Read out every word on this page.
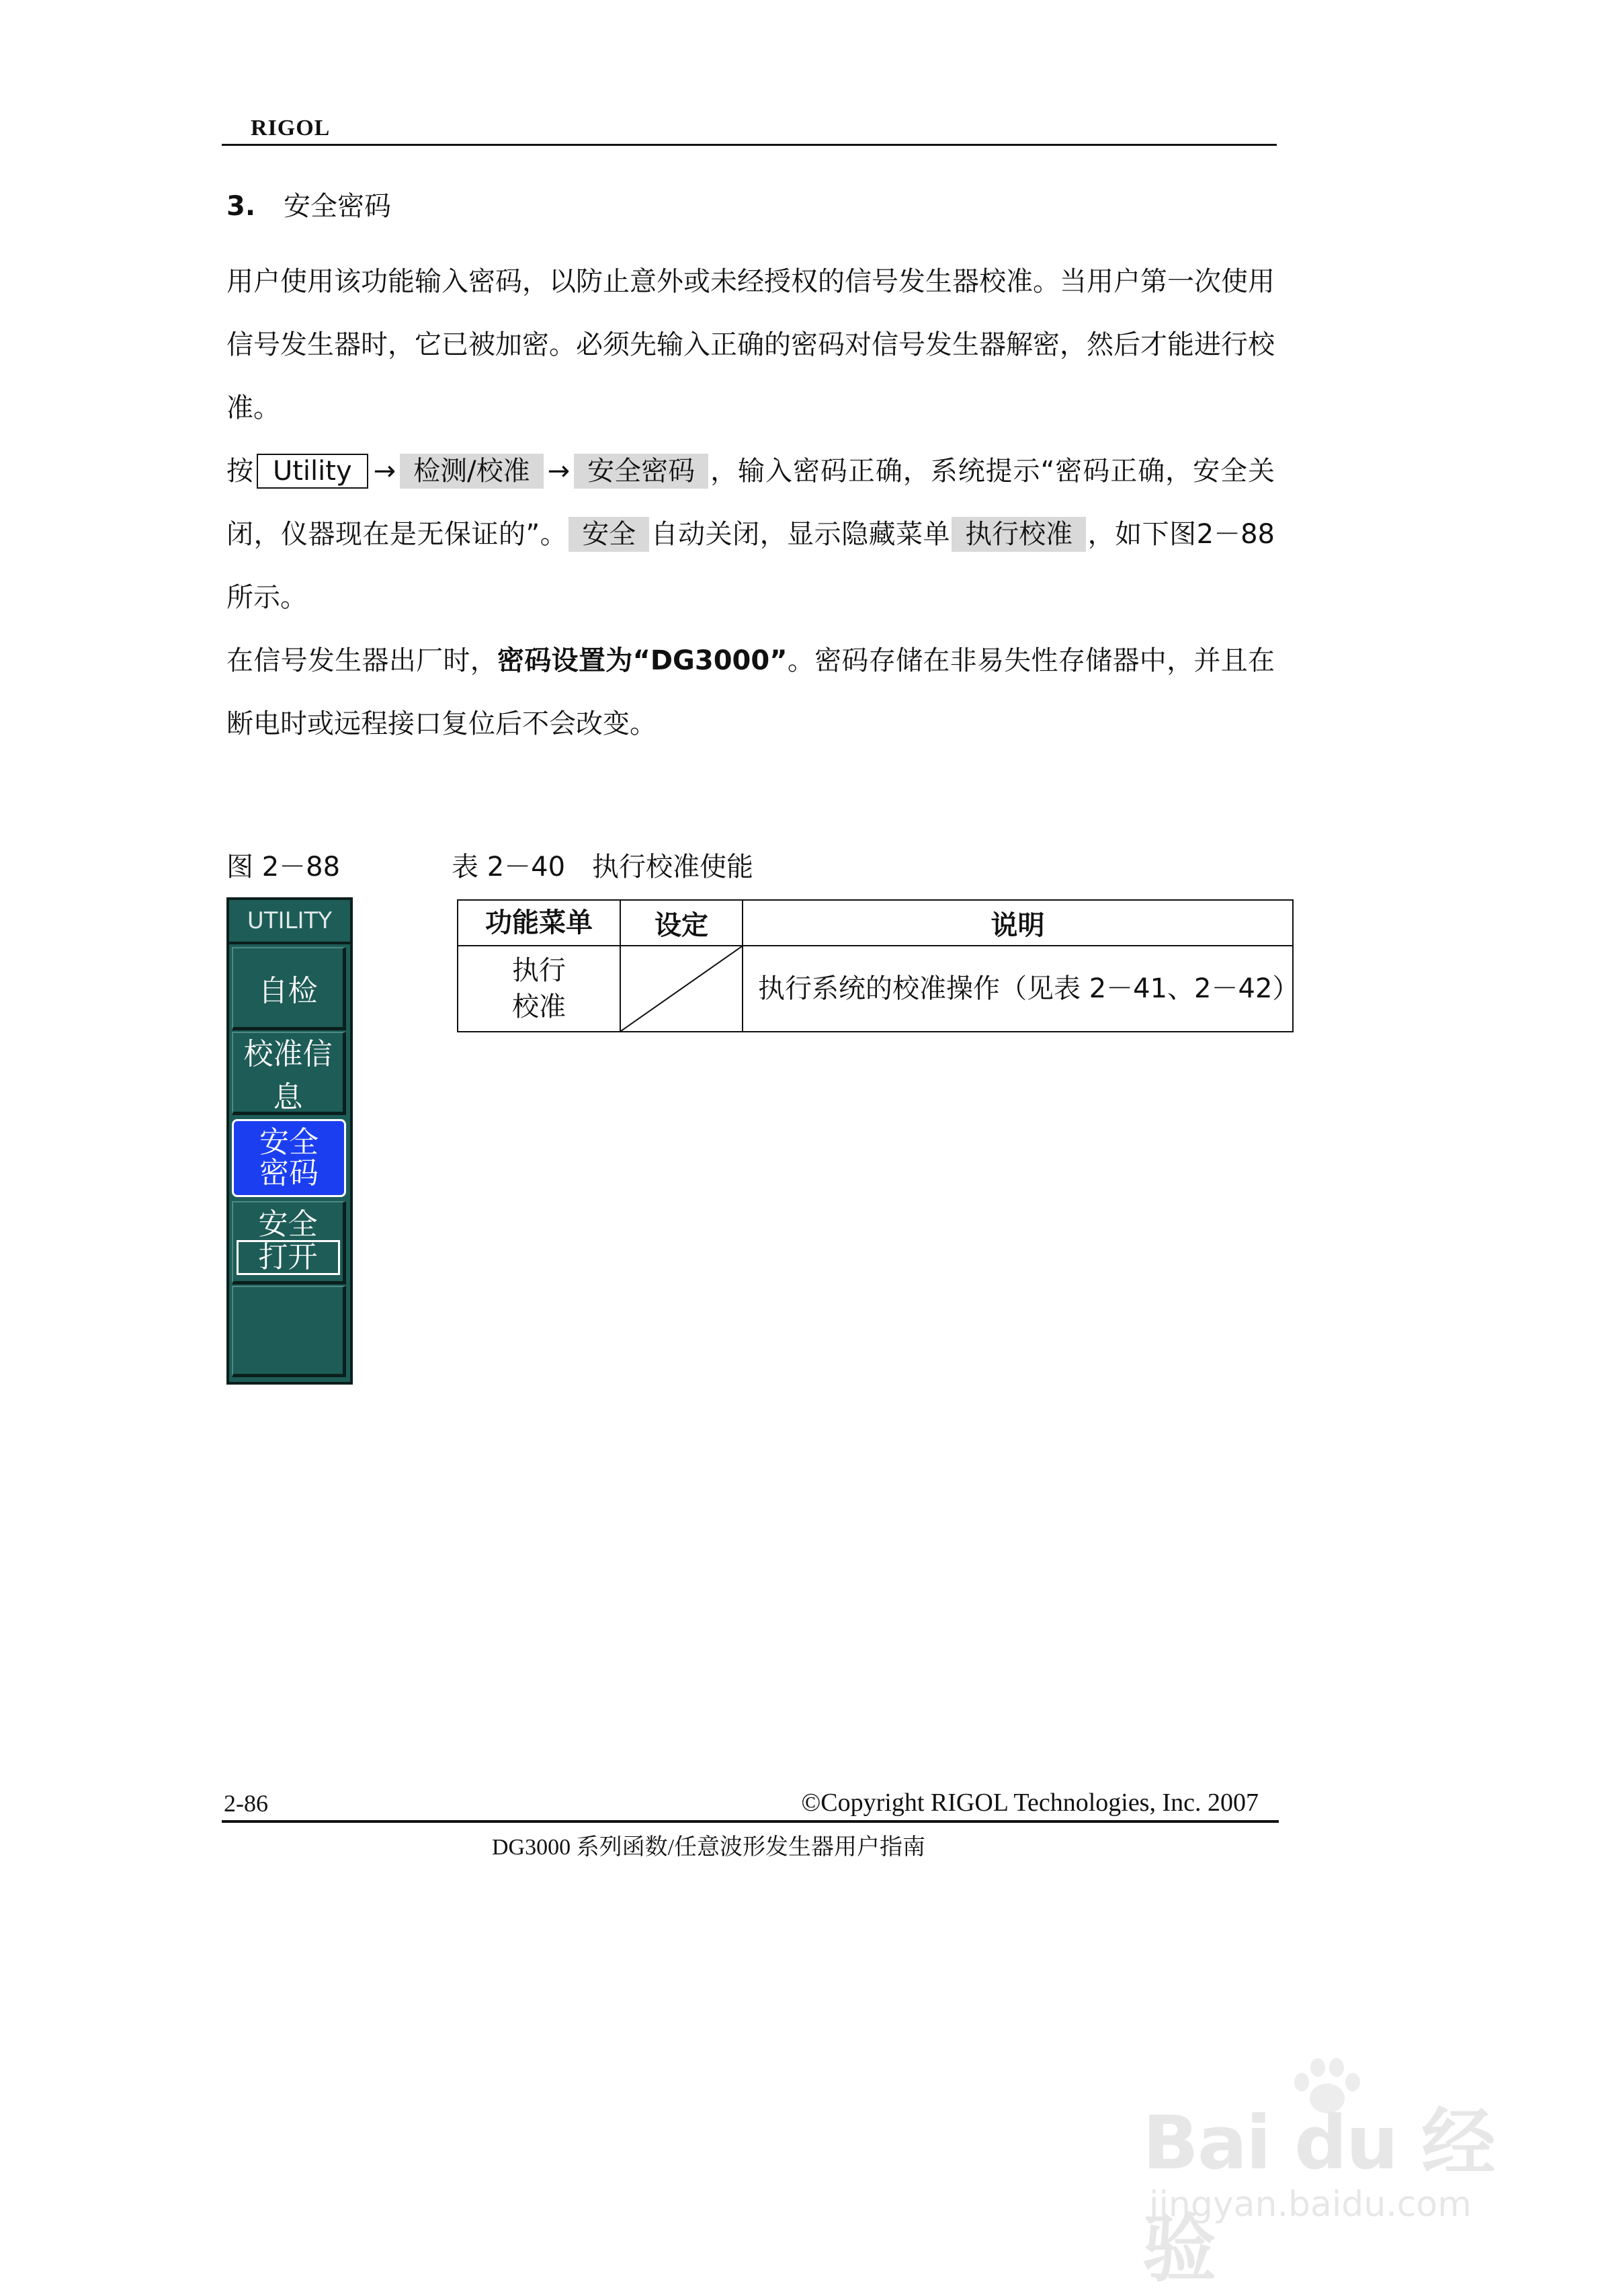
RIGOL
3. 安全密码
用户使用该功能输入密码，以防止意外或未经授权的信号发生器校准。当用户第一次使用信号发生器时，它已被加密。必须先输入正确的密码对信号发生器解密，然后才能进行校准。
按 Utility → 检测/校准 → 安全密码 ，输入密码正确，系统提示“密码正确，安全关闭，仪器现在是无保证的”。 安全 自动关闭，显示隐藏菜单 执行校准 ，如下图2－88 所示。
在信号发生器出厂时，密码设置为“DG3000”。密码存储在非易失性存储器中，并且在断电时或远程接口复位后不会改变。
图 2－88	表 2－40　执行校准使能
UTILITY
自检
校准信息
安全
密码
安全
打开
功能菜单	设定	说明

执行
校准		执行系统的校准操作（见表 2－41、2－42）
2-86	©Copyright RIGOL Technologies, Inc. 2007
DG3000 系列函数/任意波形发生器用户指南
Bai du 经验
jingyan.baidu.com
